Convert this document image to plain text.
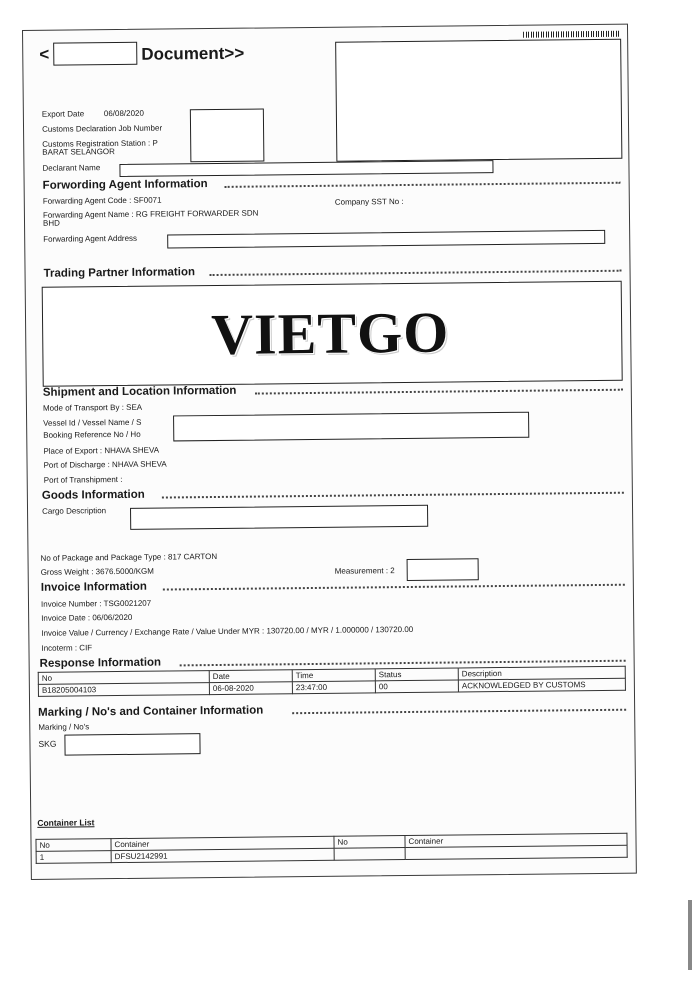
<	Document>>
Export Date 06/08/2020
Customs Declaration Job Number
Customs Registration Station : P
BARAT SELANGOR
Declarant Name
Forwording Agent Information
Forwarding Agent Code : SF0071	Company SST No :
Forwarding Agent Name : RG FREIGHT FORWARDER SDN
BHD
Forwarding Agent Address
Trading Partner Information
VIETGO
Shipment and Location Information
Mode of Transport By : SEA
Vessel Id / Vessel Name / S
Booking Reference No / Ho
Place of Export : NHAVA SHEVA
Port of Discharge : NHAVA SHEVA
Port of Transhipment :
Goods Information
Cargo Description
No of Package and Package Type : 817 CARTON
Gross Weight : 3676.5000/KGM	Measurement : 2
Invoice Information
Invoice Number : TSG0021207
Invoice Date : 06/06/2020
Invoice Value / Currency / Exchange Rate / Value Under MYR : 130720.00 / MYR / 1.000000 / 130720.00
Incoterm : CIF
Response Information
No	Date	Time	Status	Description
B18205004103	06-08-2020	23:47:00	00	ACKNOWLEDGED BY CUSTOMS
Marking / No's and Container Information
Marking / No's
SKG
Container List
No	Container	No	Container
1	DFSU2142991		
